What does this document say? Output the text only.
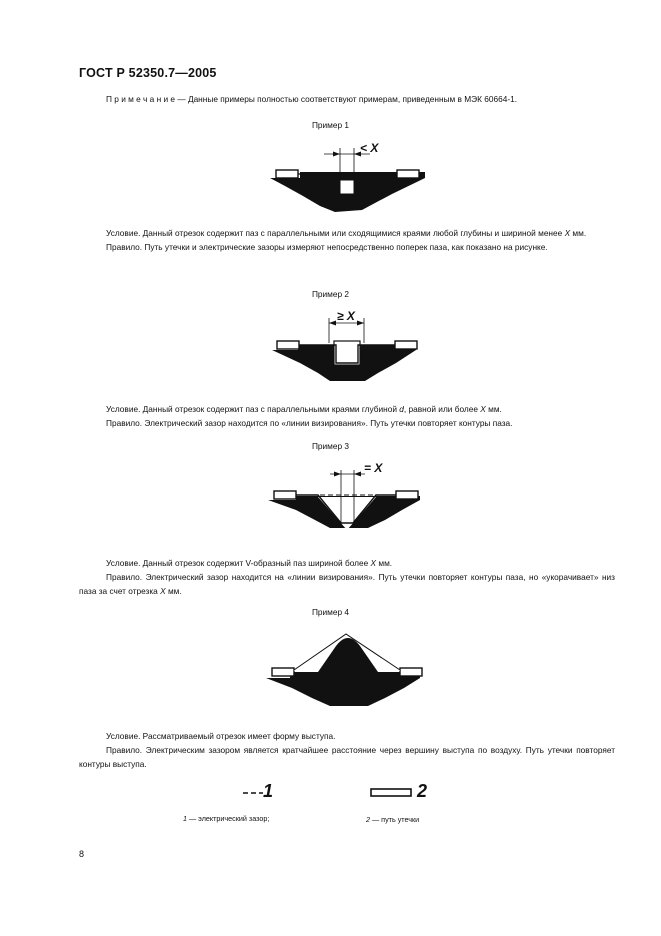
ГОСТ Р 52350.7—2005

П р и м е ч а н и е — Данные примеры полностью соответствуют примерам, приведенным в МЭК 60664-1.

Пример 1
< X

Условие. Данный отрезок содержит паз с параллельными или сходящимися краями любой глубины и шириной менее X мм.

Правило. Путь утечки и электрические зазоры измеряют непосредственно поперек паза, как показано на рисунке.

Пример 2
≥ X

Условие. Данный отрезок содержит паз с параллельными краями глубиной d, равной или более X мм.

Правило. Электрический зазор находится по «линии визирования». Путь утечки повторяет контуры паза.

Пример 3
= X

Условие. Данный отрезок содержит V-образный паз шириной более X мм.

Правило. Электрический зазор находится на «линии визирования». Путь утечки повторяет контуры паза, но «укорачивает» низ паза за счет отрезка X мм.

Пример 4

Условие. Рассматриваемый отрезок имеет форму выступа.

Правило. Электрическим зазором является кратчайшее расстояние через вершину выступа по воздуху. Путь утечки повторяет контуры выступа.

1	2
1 — электрический зазор;	2 — путь утечки
8
